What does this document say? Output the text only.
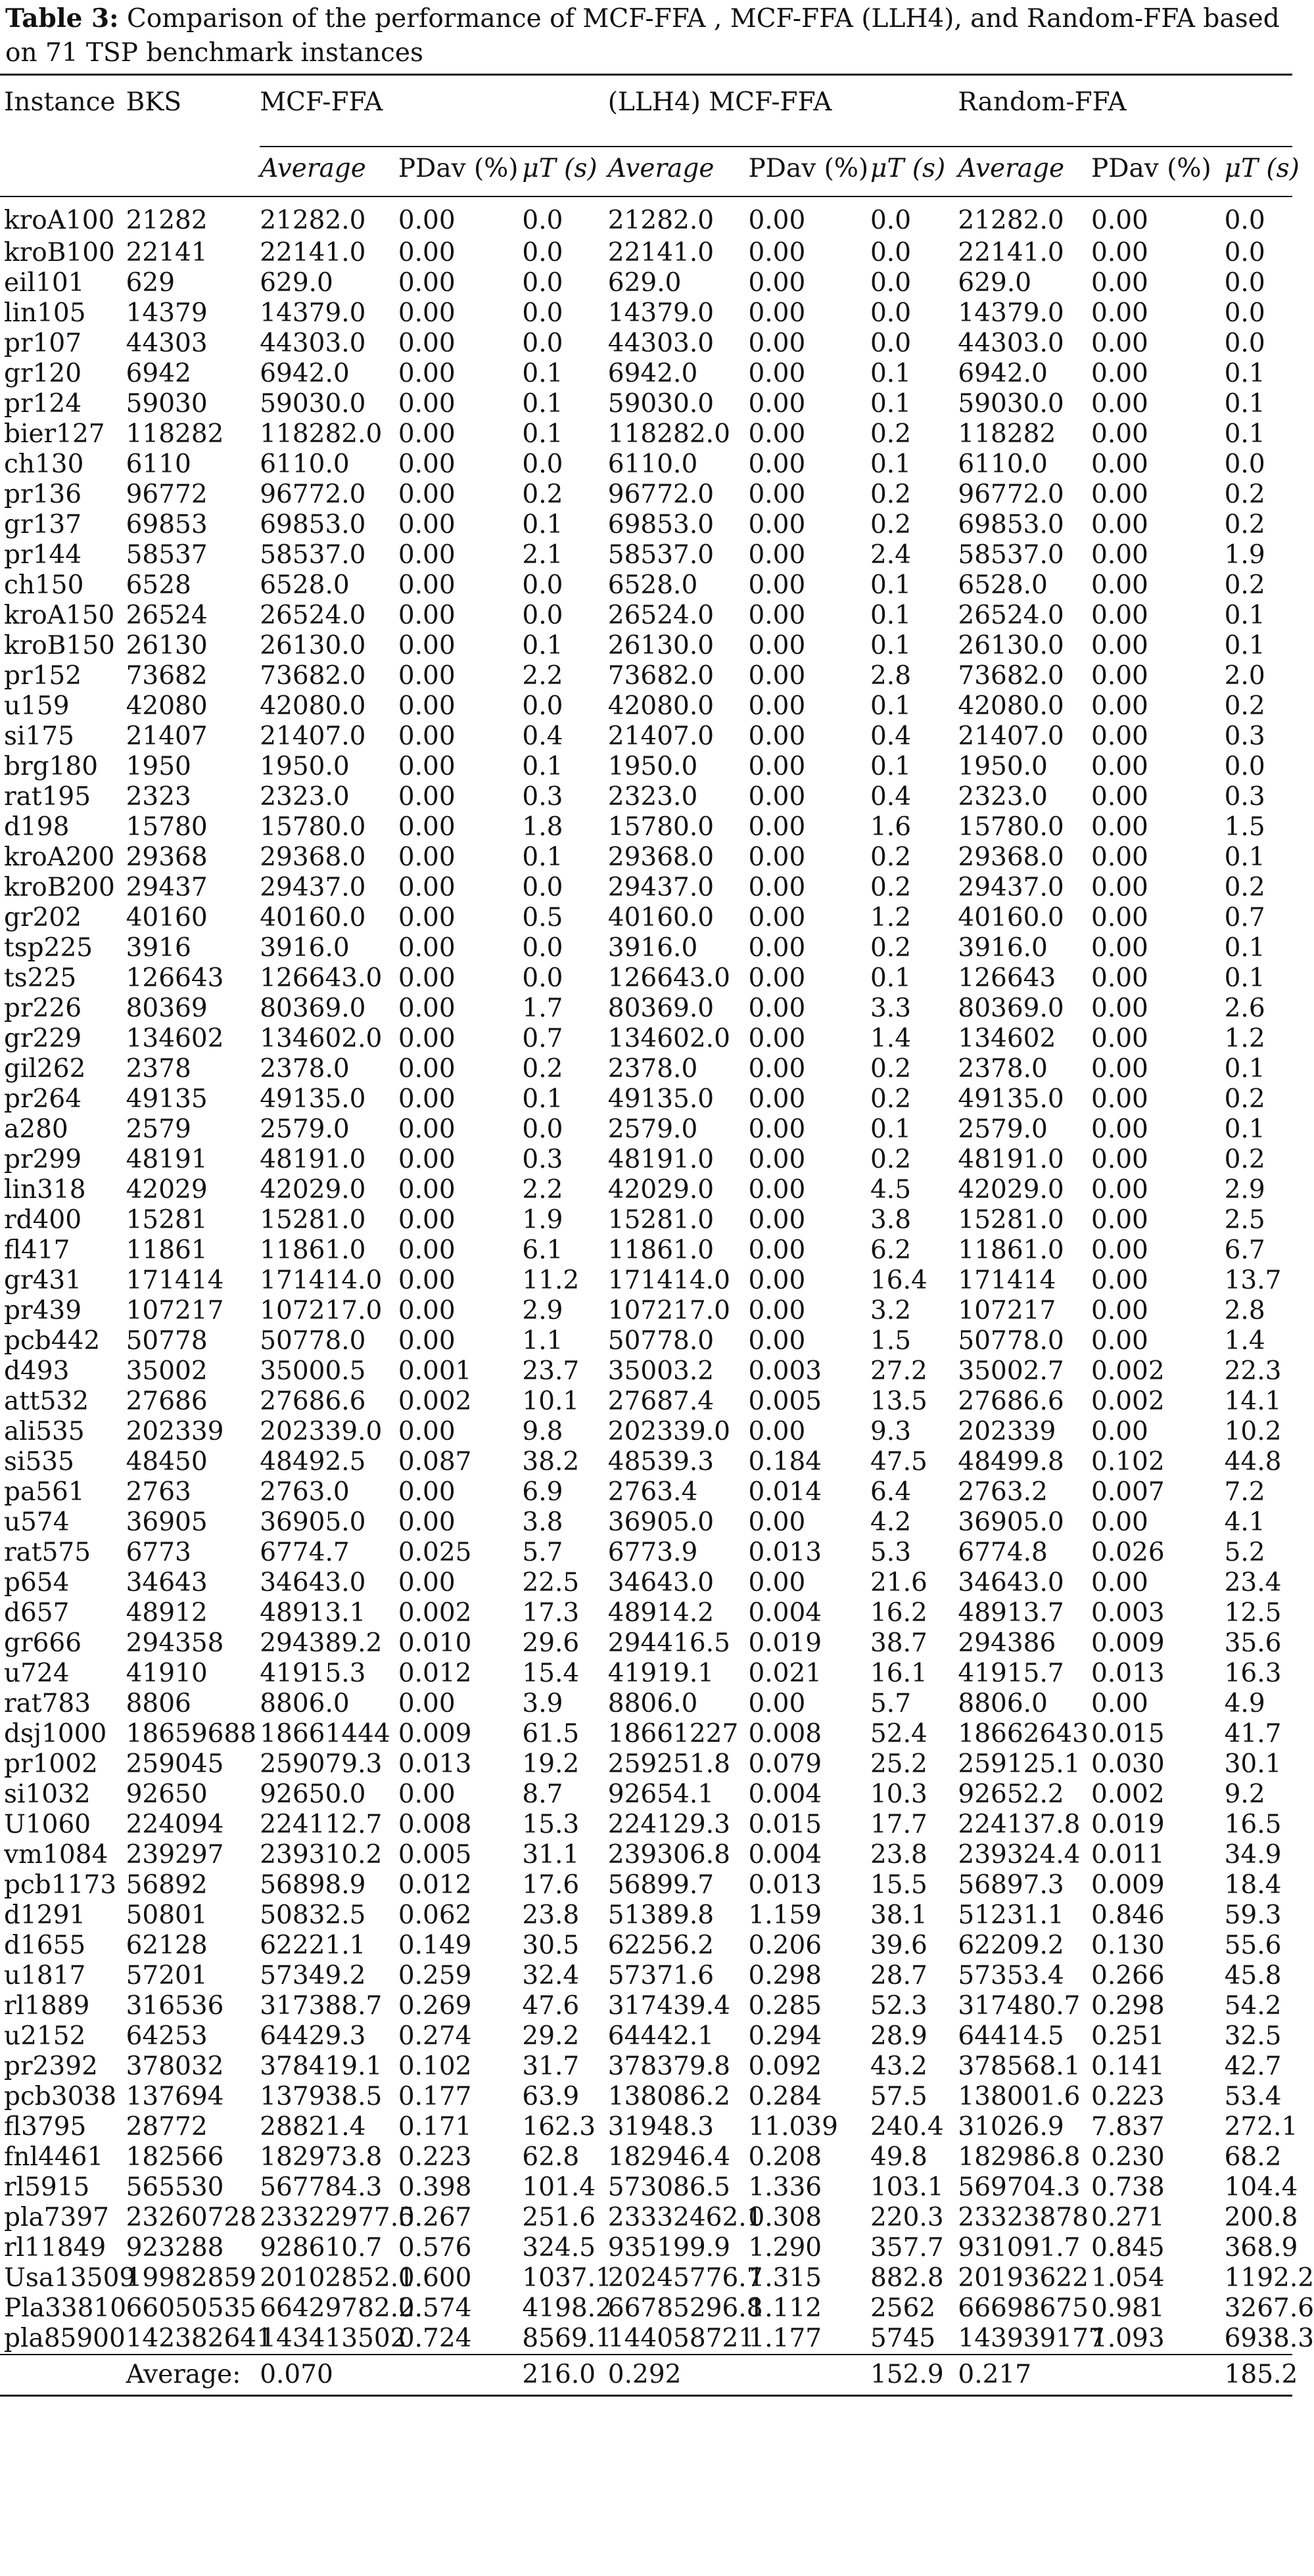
Table 3: Comparison of the performance of MCF-FFA , MCF-FFA (LLH4), and Random-FFA based on 71 TSP benchmark instances
Instance	BKS	MCF-FFA			(LLH4) MCF-FFA			Random-FFA		
		Average	PDav (%)	μT (s)	Average	PDav (%)	μT (s)	Average	PDav (%)	μT (s)
kroA100	21282	21282.0	0.00	0.0	21282.0	0.00	0.0	21282.0	0.00	0.0
kroB100	22141	22141.0	0.00	0.0	22141.0	0.00	0.0	22141.0	0.00	0.0
eil101	629	629.0	0.00	0.0	629.0	0.00	0.0	629.0	0.00	0.0
lin105	14379	14379.0	0.00	0.0	14379.0	0.00	0.0	14379.0	0.00	0.0
pr107	44303	44303.0	0.00	0.0	44303.0	0.00	0.0	44303.0	0.00	0.0
gr120	6942	6942.0	0.00	0.1	6942.0	0.00	0.1	6942.0	0.00	0.1
pr124	59030	59030.0	0.00	0.1	59030.0	0.00	0.1	59030.0	0.00	0.1
bier127	118282	118282.0	0.00	0.1	118282.0	0.00	0.2	118282	0.00	0.1
ch130	6110	6110.0	0.00	0.0	6110.0	0.00	0.1	6110.0	0.00	0.0
pr136	96772	96772.0	0.00	0.2	96772.0	0.00	0.2	96772.0	0.00	0.2
gr137	69853	69853.0	0.00	0.1	69853.0	0.00	0.2	69853.0	0.00	0.2
pr144	58537	58537.0	0.00	2.1	58537.0	0.00	2.4	58537.0	0.00	1.9
ch150	6528	6528.0	0.00	0.0	6528.0	0.00	0.1	6528.0	0.00	0.2
kroA150	26524	26524.0	0.00	0.0	26524.0	0.00	0.1	26524.0	0.00	0.1
kroB150	26130	26130.0	0.00	0.1	26130.0	0.00	0.1	26130.0	0.00	0.1
pr152	73682	73682.0	0.00	2.2	73682.0	0.00	2.8	73682.0	0.00	2.0
u159	42080	42080.0	0.00	0.0	42080.0	0.00	0.1	42080.0	0.00	0.2
si175	21407	21407.0	0.00	0.4	21407.0	0.00	0.4	21407.0	0.00	0.3
brg180	1950	1950.0	0.00	0.1	1950.0	0.00	0.1	1950.0	0.00	0.0
rat195	2323	2323.0	0.00	0.3	2323.0	0.00	0.4	2323.0	0.00	0.3
d198	15780	15780.0	0.00	1.8	15780.0	0.00	1.6	15780.0	0.00	1.5
kroA200	29368	29368.0	0.00	0.1	29368.0	0.00	0.2	29368.0	0.00	0.1
kroB200	29437	29437.0	0.00	0.0	29437.0	0.00	0.2	29437.0	0.00	0.2
gr202	40160	40160.0	0.00	0.5	40160.0	0.00	1.2	40160.0	0.00	0.7
tsp225	3916	3916.0	0.00	0.0	3916.0	0.00	0.2	3916.0	0.00	0.1
ts225	126643	126643.0	0.00	0.0	126643.0	0.00	0.1	126643	0.00	0.1
pr226	80369	80369.0	0.00	1.7	80369.0	0.00	3.3	80369.0	0.00	2.6
gr229	134602	134602.0	0.00	0.7	134602.0	0.00	1.4	134602	0.00	1.2
gil262	2378	2378.0	0.00	0.2	2378.0	0.00	0.2	2378.0	0.00	0.1
pr264	49135	49135.0	0.00	0.1	49135.0	0.00	0.2	49135.0	0.00	0.2
a280	2579	2579.0	0.00	0.0	2579.0	0.00	0.1	2579.0	0.00	0.1
pr299	48191	48191.0	0.00	0.3	48191.0	0.00	0.2	48191.0	0.00	0.2
lin318	42029	42029.0	0.00	2.2	42029.0	0.00	4.5	42029.0	0.00	2.9
rd400	15281	15281.0	0.00	1.9	15281.0	0.00	3.8	15281.0	0.00	2.5
fl417	11861	11861.0	0.00	6.1	11861.0	0.00	6.2	11861.0	0.00	6.7
gr431	171414	171414.0	0.00	11.2	171414.0	0.00	16.4	171414	0.00	13.7
pr439	107217	107217.0	0.00	2.9	107217.0	0.00	3.2	107217	0.00	2.8
pcb442	50778	50778.0	0.00	1.1	50778.0	0.00	1.5	50778.0	0.00	1.4
d493	35002	35000.5	0.001	23.7	35003.2	0.003	27.2	35002.7	0.002	22.3
att532	27686	27686.6	0.002	10.1	27687.4	0.005	13.5	27686.6	0.002	14.1
ali535	202339	202339.0	0.00	9.8	202339.0	0.00	9.3	202339	0.00	10.2
si535	48450	48492.5	0.087	38.2	48539.3	0.184	47.5	48499.8	0.102	44.8
pa561	2763	2763.0	0.00	6.9	2763.4	0.014	6.4	2763.2	0.007	7.2
u574	36905	36905.0	0.00	3.8	36905.0	0.00	4.2	36905.0	0.00	4.1
rat575	6773	6774.7	0.025	5.7	6773.9	0.013	5.3	6774.8	0.026	5.2
p654	34643	34643.0	0.00	22.5	34643.0	0.00	21.6	34643.0	0.00	23.4
d657	48912	48913.1	0.002	17.3	48914.2	0.004	16.2	48913.7	0.003	12.5
gr666	294358	294389.2	0.010	29.6	294416.5	0.019	38.7	294386	0.009	35.6
u724	41910	41915.3	0.012	15.4	41919.1	0.021	16.1	41915.7	0.013	16.3
rat783	8806	8806.0	0.00	3.9	8806.0	0.00	5.7	8806.0	0.00	4.9
dsj1000	18659688	18661444	0.009	61.5	18661227	0.008	52.4	18662643	0.015	41.7
pr1002	259045	259079.3	0.013	19.2	259251.8	0.079	25.2	259125.1	0.030	30.1
si1032	92650	92650.0	0.00	8.7	92654.1	0.004	10.3	92652.2	0.002	9.2
U1060	224094	224112.7	0.008	15.3	224129.3	0.015	17.7	224137.8	0.019	16.5
vm1084	239297	239310.2	0.005	31.1	239306.8	0.004	23.8	239324.4	0.011	34.9
pcb1173	56892	56898.9	0.012	17.6	56899.7	0.013	15.5	56897.3	0.009	18.4
d1291	50801	50832.5	0.062	23.8	51389.8	1.159	38.1	51231.1	0.846	59.3
d1655	62128	62221.1	0.149	30.5	62256.2	0.206	39.6	62209.2	0.130	55.6
u1817	57201	57349.2	0.259	32.4	57371.6	0.298	28.7	57353.4	0.266	45.8
rl1889	316536	317388.7	0.269	47.6	317439.4	0.285	52.3	317480.7	0.298	54.2
u2152	64253	64429.3	0.274	29.2	64442.1	0.294	28.9	64414.5	0.251	32.5
pr2392	378032	378419.1	0.102	31.7	378379.8	0.092	43.2	378568.1	0.141	42.7
pcb3038	137694	137938.5	0.177	63.9	138086.2	0.284	57.5	138001.6	0.223	53.4
fl3795	28772	28821.4	0.171	162.3	31948.3	11.039	240.4	31026.9	7.837	272.1
fnl4461	182566	182973.8	0.223	62.8	182946.4	0.208	49.8	182986.8	0.230	68.2
rl5915	565530	567784.3	0.398	101.4	573086.5	1.336	103.1	569704.3	0.738	104.4
pla7397	23260728	23322977.5	0.267	251.6	23332462.1	0.308	220.3	23323878	0.271	200.8
rl11849	923288	928610.7	0.576	324.5	935199.9	1.290	357.7	931091.7	0.845	368.9
Usa13509	19982859	20102852.1	0.600	1037.1	20245776.7	1.315	882.8	20193622	1.054	1192.2
Pla33810	66050535	66429782.2	0.574	4198.2	66785296.8	1.112	2562	66698675	0.981	3267.6
pla85900	142382641	143413502	0.724	8569.1	144058721	1.177	5745	143939177	1.093	6938.3
	Average:	0.070		216.0	0.292		152.9	0.217		185.2
